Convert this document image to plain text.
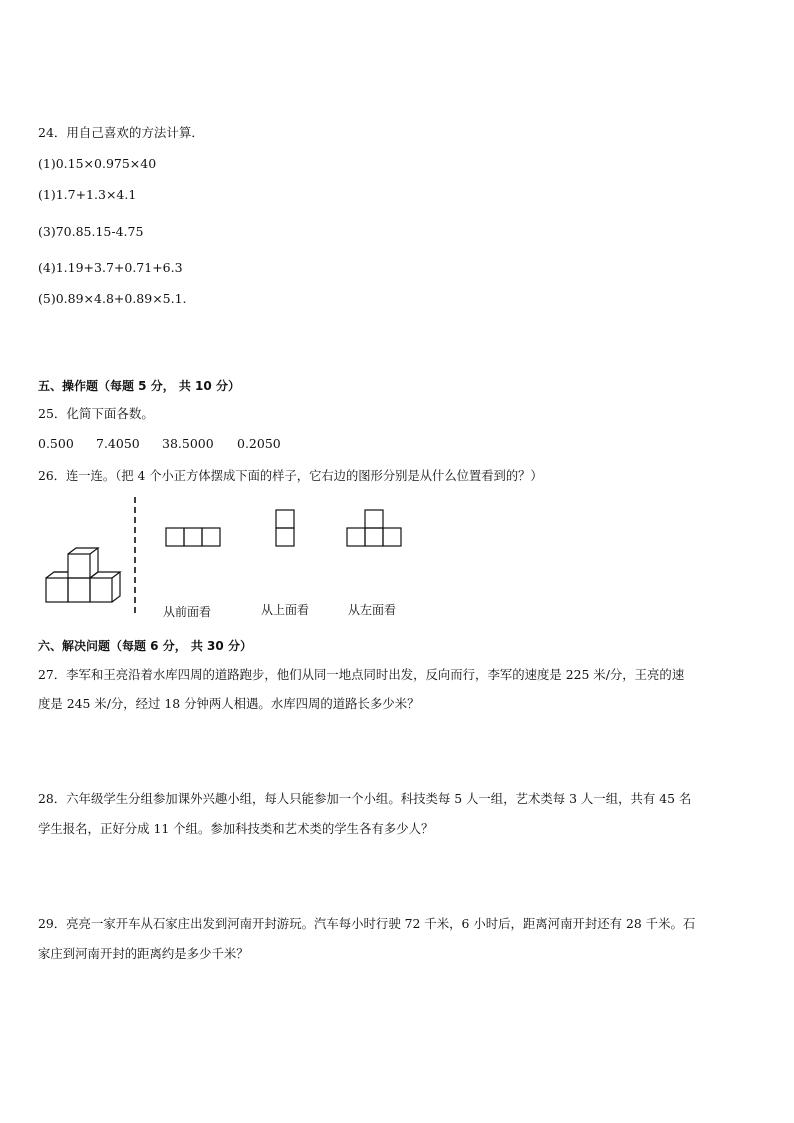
24．用自己喜欢的方法计算．
(1)0.15×0.975×40
(1)1.7+1.3×4.1
(3)70.85.15-4.75
(4)1.19+3.7+0.71+6.3
(5)0.89×4.8+0.89×5.1.
五、操作题（每题 5 分， 共 10 分）
25．化简下面各数。
0.500 7.4050 38.5000 0.2050
26．连一连。（把 4 个小正方体摆成下面的样子，它右边的图形分别是从什么位置看到的？）
从前面看	从上面看	从左面看
六、解决问题（每题 6 分， 共 30 分）
27．李军和王亮沿着水库四周的道路跑步，他们从同一地点同时出发，反向而行，李军的速度是 225 米/分，王亮的速
度是 245 米/分，经过 18 分钟两人相遇。水库四周的道路长多少米？
28．六年级学生分组参加课外兴趣小组，每人只能参加一个小组。科技类每 5 人一组，艺术类每 3 人一组，共有 45 名
学生报名，正好分成 11 个组。参加科技类和艺术类的学生各有多少人？
29．亮亮一家开车从石家庄出发到河南开封游玩。汽车每小时行驶 72 千米，6 小时后，距离河南开封还有 28 千米。石
家庄到河南开封的距离约是多少千米？
